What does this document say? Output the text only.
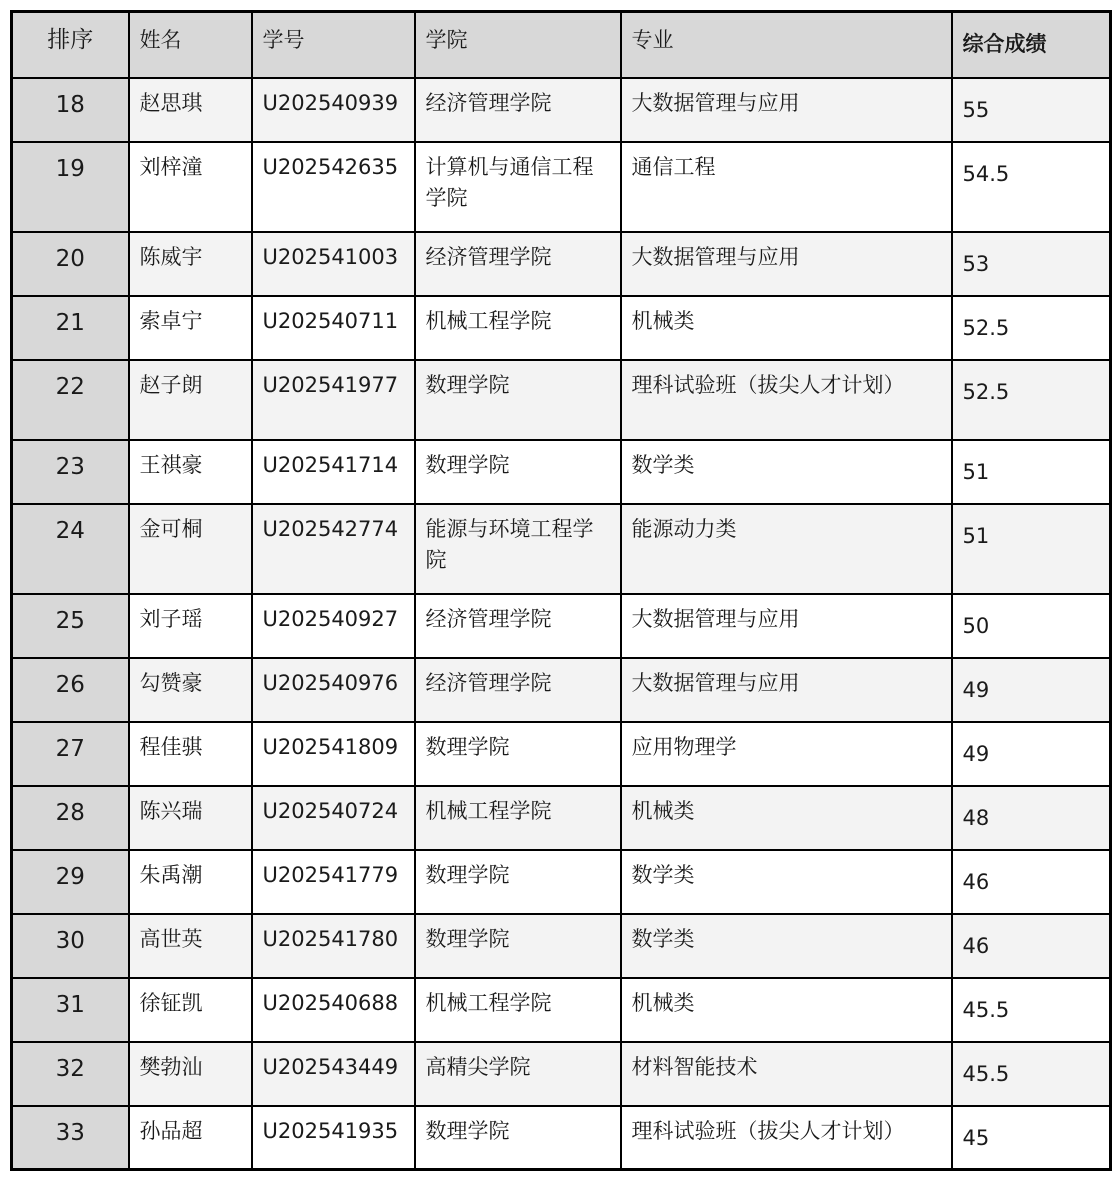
排序	姓名	学号	学院	专业	综合成绩
18	赵思琪	U202540939	经济管理学院	大数据管理与应用	55
19	刘梓潼	U202542635	计算机与通信工程学院	通信工程	54.5
20	陈威宇	U202541003	经济管理学院	大数据管理与应用	53
21	索卓宁	U202540711	机械工程学院	机械类	52.5
22	赵子朗	U202541977	数理学院	理科试验班（拔尖人才计划）	52.5
23	王祺豪	U202541714	数理学院	数学类	51
24	金可桐	U202542774	能源与环境工程学院	能源动力类	51
25	刘子瑶	U202540927	经济管理学院	大数据管理与应用	50
26	勾赞豪	U202540976	经济管理学院	大数据管理与应用	49
27	程佳骐	U202541809	数理学院	应用物理学	49
28	陈兴瑞	U202540724	机械工程学院	机械类	48
29	朱禹潮	U202541779	数理学院	数学类	46
30	高世英	U202541780	数理学院	数学类	46
31	徐钲凯	U202540688	机械工程学院	机械类	45.5
32	樊勃汕	U202543449	高精尖学院	材料智能技术	45.5
33	孙品超	U202541935	数理学院	理科试验班（拔尖人才计划）	45
